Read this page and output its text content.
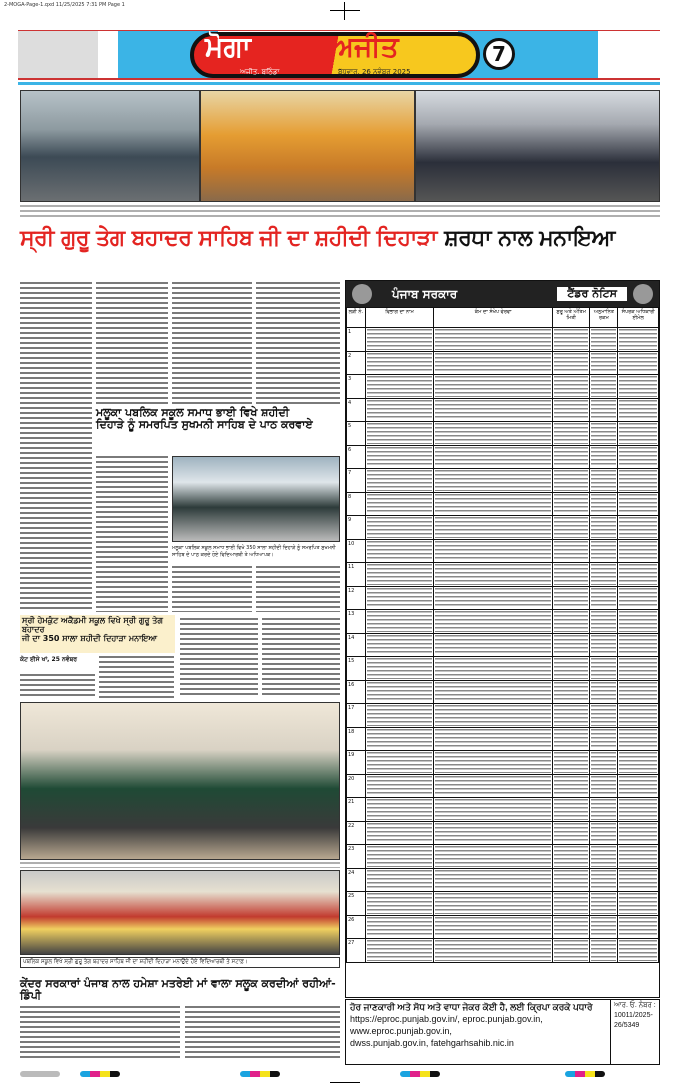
2-MOGA-Page-1.qxd 11/25/2025 7:31 PM Page 1
ਮੋਗਾ	ਅਜੀਤ
ਅਜੀਤ. ਬਠਿੰਡਾ	ਬੁੱਧਵਾਰ, 26 ਨਵੰਬਰ 2025
7
ਸ੍ਰੀ ਗੁਰੂ ਤੇਗ ਬਹਾਦਰ ਸਾਹਿਬ ਜੀ ਦਾ ਸ਼ਹੀਦੀ ਦਿਹਾੜਾ ਸ਼ਰਧਾ ਨਾਲ ਮਨਾਇਆ
ਮਲੂਕਾ ਪਬਲਿਕ ਸਕੂਲ ਸਮਾਧ ਭਾਈ ਵਿਖੇ ਸ਼ਹੀਦੀ
ਦਿਹਾੜੇ ਨੂੰ ਸਮਰਪਿਤ ਸੁਖਮਨੀ ਸਾਹਿਬ ਦੇ ਪਾਠ ਕਰਵਾਏ
ਮਲੂਕਾ ਪਬਲਿਕ ਸਕੂਲ ਸਮਾਧ ਭਾਈ ਵਿਖੇ 350 ਸਾਲਾ ਸ਼ਹੀਦੀ ਦਿਹਾੜੇ ਨੂੰ ਸਮਰਪਿਤ ਸੁਖਮਨੀ ਸਾਹਿਬ ਦੇ ਪਾਠ ਕਰਦੇ ਹੋਏ ਵਿਦਿਆਰਥੀ ਤੇ ਅਧਿਆਪਕ।
ਸ੍ਰੀ ਹੇਮਕੁੰਟ ਅਕੈਡਮੀ ਸਕੂਲ ਵਿਖੇ ਸ੍ਰੀ ਗੁਰੂ ਤੇਗ ਬਹਾਦਰ
ਜੀ ਦਾ 350 ਸਾਲਾ ਸ਼ਹੀਦੀ ਦਿਹਾੜਾ ਮਨਾਇਆ
ਕੋਟ ਈਸੇ ਖਾਂ, 25 ਨਵੰਬਰ
ਪਬਲਿਕ ਸਕੂਲ ਵਿਖੇ ਸ੍ਰੀ ਗੁਰੂ ਤੇਗ ਬਹਾਦਰ ਸਾਹਿਬ ਜੀ ਦਾ ਸ਼ਹੀਦੀ ਦਿਹਾੜਾ ਮਨਾਉਂਦੇ ਹੋਏ ਵਿਦਿਆਰਥੀ ਤੇ ਸਟਾਫ਼।
ਕੇਂਦਰ ਸਰਕਾਰਾਂ ਪੰਜਾਬ ਨਾਲ ਹਮੇਸ਼ਾ ਮਤਰੇਈ ਮਾਂ ਵਾਲਾ ਸਲੂਕ ਕਰਦੀਆਂ ਰਹੀਆਂ-ਡਿੰਪੀ
ਪੰਜਾਬ ਸਰਕਾਰ	ਟੈਂਡਰ ਨੋਟਿਸ
ਲੜੀ ਨੰ.	ਵਿਭਾਗ ਦਾ ਨਾਮ	ਕੰਮ ਦਾ ਸੰਖੇਪ ਵੇਰਵਾ	ਸ਼ੁਰੂ ਅਤੇ ਅੰਤਿਮ ਮਿਤੀ	ਅਨੁਮਾਨਿਤ ਰਕਮ	ਸੰਪਰਕ ਅਧਿਕਾਰੀ ਈਮੇਲ
1	

2	

3	

4	

5	

6	

7	

8	

9	

10	

11	

12	

13	

14	

15	

16	

17	

18	

19	

20	

21	

22	

23	

24	

25	

26	

27	

ਹੋਰ ਜਾਣਕਾਰੀ ਅਤੇ ਸੋਧ ਅਤੇ ਵਾਧਾ ਜੇਕਰ ਕੋਈ ਹੈ, ਲਈ ਕ੍ਰਿਪਾ ਕਰਕੇ ਪਧਾਰੇ
https://eproc.punjab.gov.in/, eproc.punjab.gov.in,
www.eproc.punjab.gov.in,
dwss.punjab.gov.in, fatehgarhsahib.nic.in
ਆਰ. ਓ. ਨੰਬਰ :
10011/2025-26/5349
